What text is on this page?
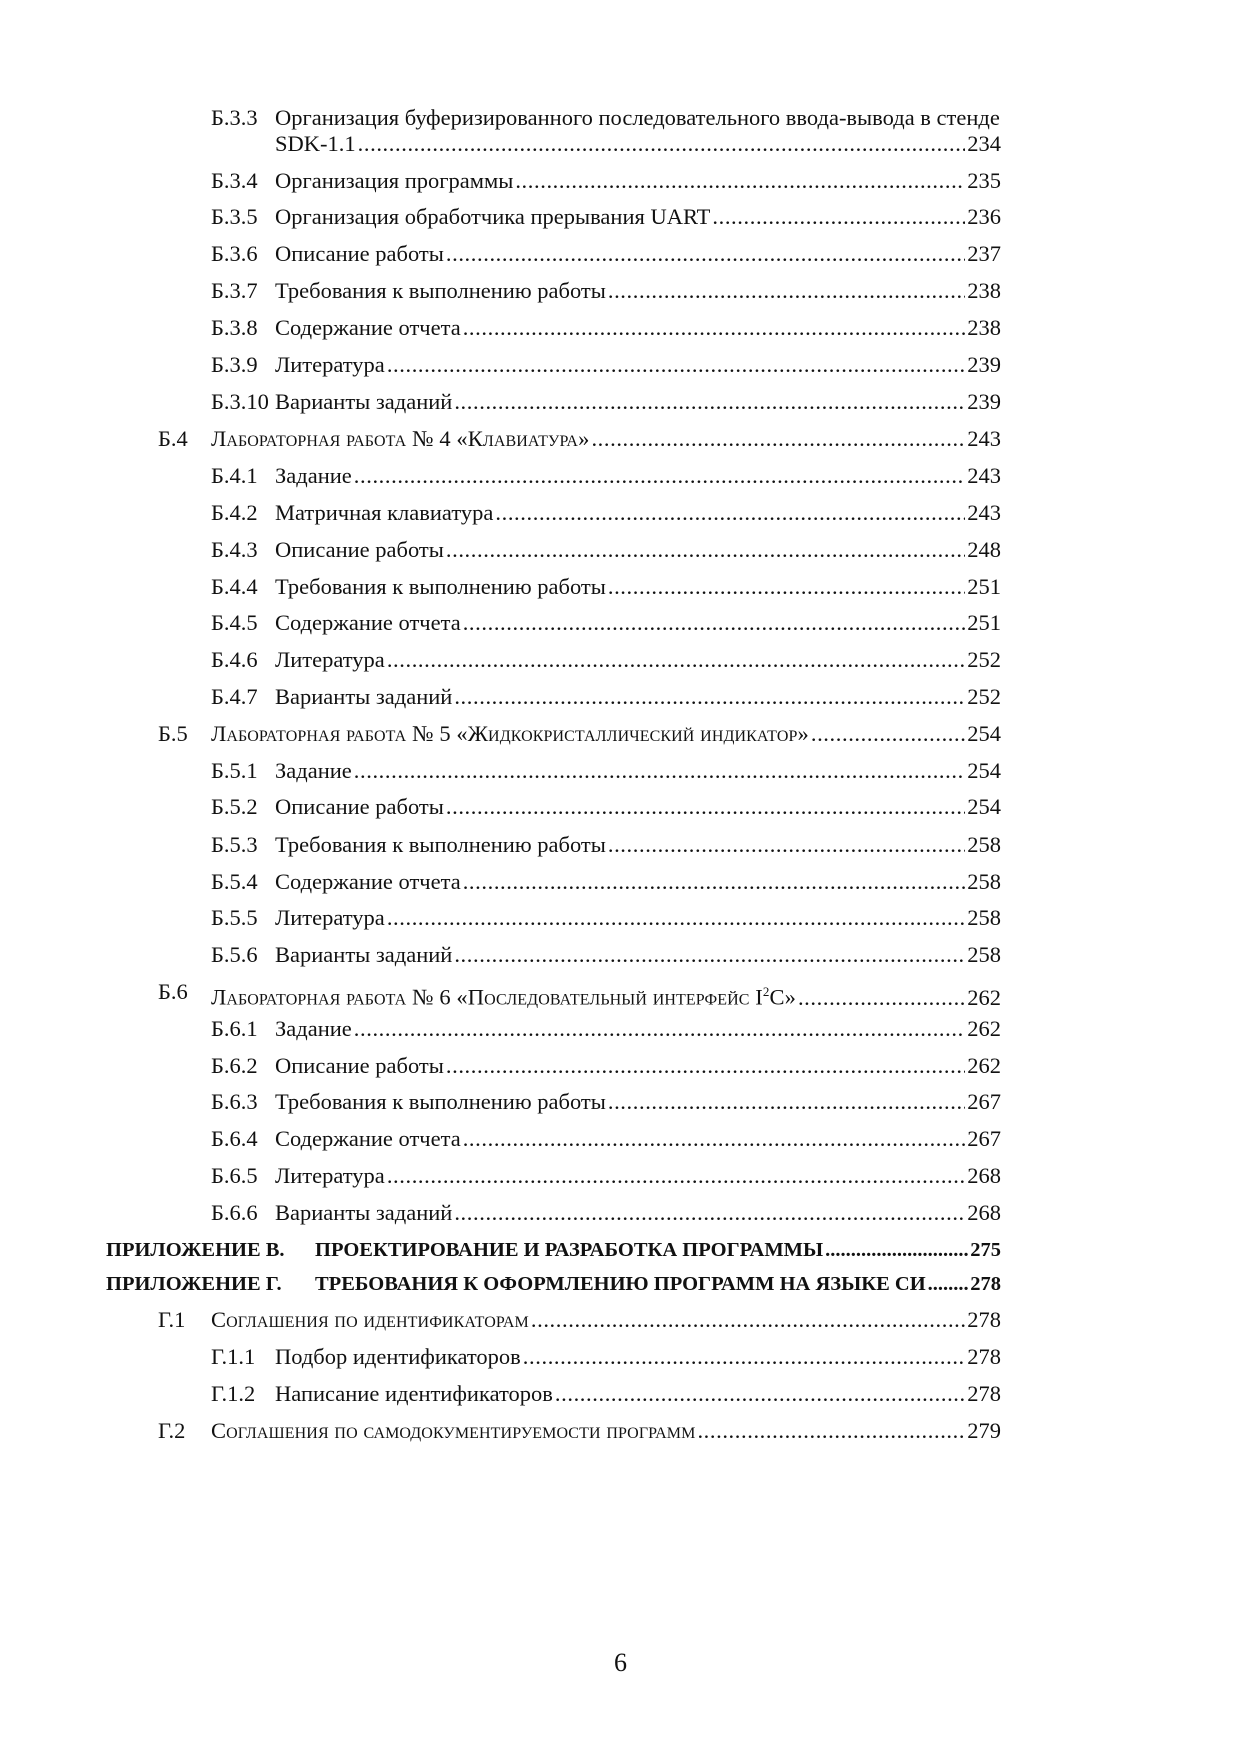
Б.3.3 Организация буферизированного последовательного ввода-вывода в стенде
SDK-1.1 .....	234
Б.3.4 Организация программы .....	235
Б.3.5 Организация обработчика прерывания UART .....	236
Б.3.6 Описание работы .....	237
Б.3.7 Требования к выполнению работы .....	238
Б.3.8 Содержание отчета .....	238
Б.3.9 Литература .....	239
Б.3.10 Варианты заданий .....	239
Б.4 Лабораторная работа № 4 «Клавиатура» .....	243
Б.4.1 Задание .....	243
Б.4.2 Матричная клавиатура .....	243
Б.4.3 Описание работы .....	248
Б.4.4 Требования к выполнению работы .....	251
Б.4.5 Содержание отчета .....	251
Б.4.6 Литература .....	252
Б.4.7 Варианты заданий .....	252
Б.5 Лабораторная работа № 5 «Жидкокристаллический индикатор» .....	254
Б.5.1 Задание .....	254
Б.5.2 Описание работы .....	254
Б.5.3 Требования к выполнению работы .....	258
Б.5.4 Содержание отчета .....	258
Б.5.5 Литература .....	258
Б.5.6 Варианты заданий .....	258
Б.6 Лабораторная работа № 6 «Последовательный интерфейс $I^2C$» .....	262
Б.6.1 Задание .....	262
Б.6.2 Описание работы .....	262
Б.6.3 Требования к выполнению работы .....	267
Б.6.4 Содержание отчета .....	267
Б.6.5 Литература .....	268
Б.6.6 Варианты заданий .....	268
ПРИЛОЖЕНИЕ В. ПРОЕКТИРОВАНИЕ И РАЗРАБОТКА ПРОГРАММЫ .....	275
ПРИЛОЖЕНИЕ Г. ТРЕБОВАНИЯ К ОФОРМЛЕНИЮ ПРОГРАММ НА ЯЗЫКЕ СИ ..... 278
Г.1 Соглашения по идентификаторам .....	278
Г.1.1 Подбор идентификаторов .....	278
Г.1.2 Написание идентификаторов .....	278
Г.2 Соглашения по самодокументируемости программ .....	279
6
